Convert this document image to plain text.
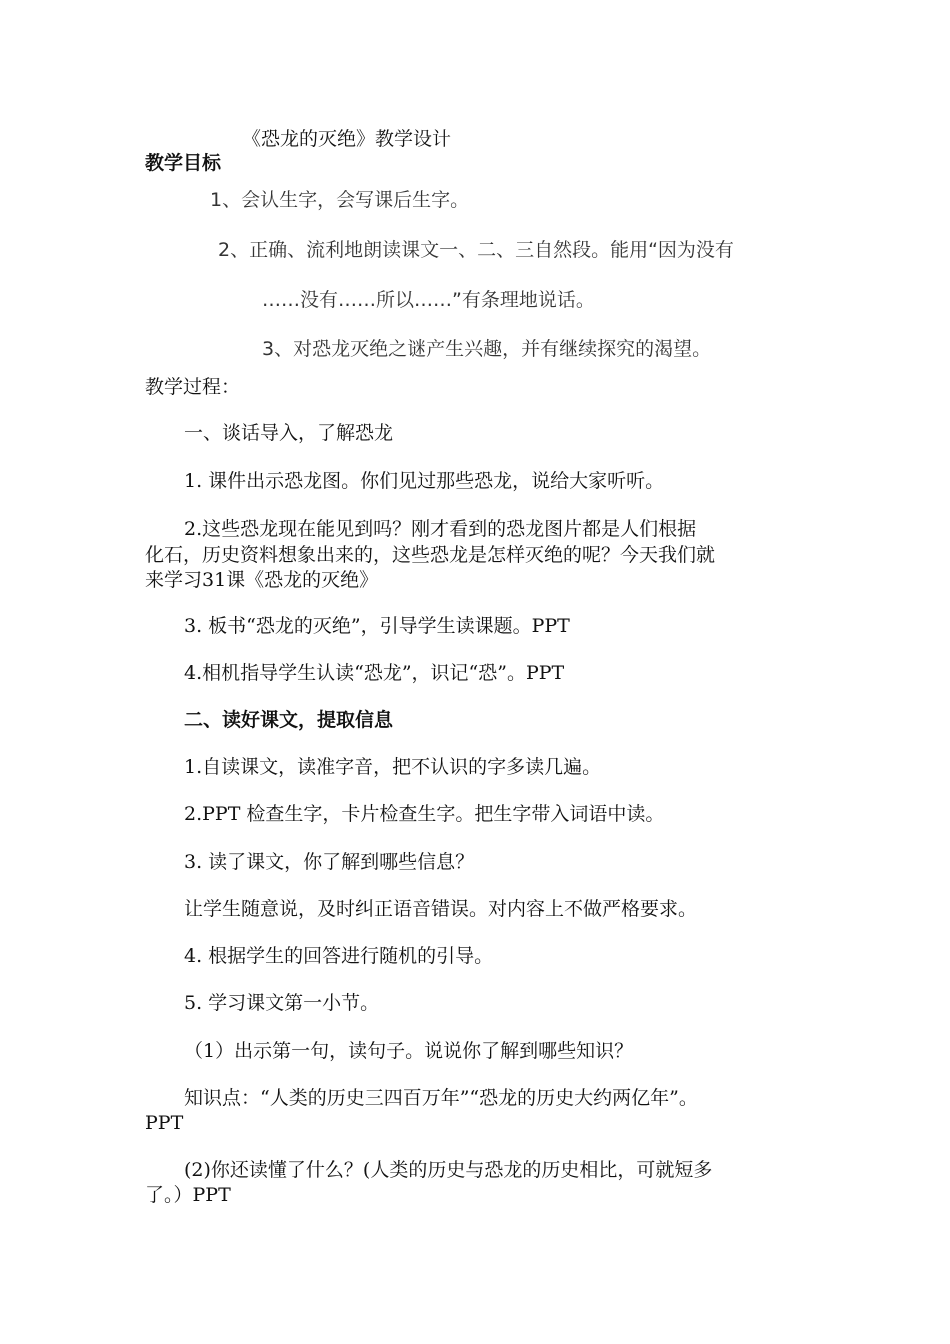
《恐龙的灭绝》教学设计
教学目标
1、会认生字，会写课后生字。
2、正确、流利地朗读课文一、二、三自然段。能用“因为没有
……没有……所以……”有条理地说话。
3、对恐龙灭绝之谜产生兴趣，并有继续探究的渴望。
教学过程：
一、谈话导入，了解恐龙
1. 课件出示恐龙图。你们见过那些恐龙，说给大家听听。
2.这些恐龙现在能见到吗？刚才看到的恐龙图片都是人们根据
化石，历史资料想象出来的，这些恐龙是怎样灭绝的呢？今天我们就
来学习31课《恐龙的灭绝》
3. 板书“恐龙的灭绝”，引导学生读课题。PPT
4.相机指导学生认读“恐龙”，识记“恐”。PPT
二、读好课文，提取信息
1.自读课文，读准字音，把不认识的字多读几遍。
2.PPT 检查生字，卡片检查生字。把生字带入词语中读。
3. 读了课文，你了解到哪些信息？
让学生随意说，及时纠正语音错误。对内容上不做严格要求。
4. 根据学生的回答进行随机的引导。
5. 学习课文第一小节。
（1）出示第一句，读句子。说说你了解到哪些知识？
知识点：“人类的历史三四百万年”“恐龙的历史大约两亿年”。
PPT
(2)你还读懂了什么？(人类的历史与恐龙的历史相比，可就短多
了。）PPT
